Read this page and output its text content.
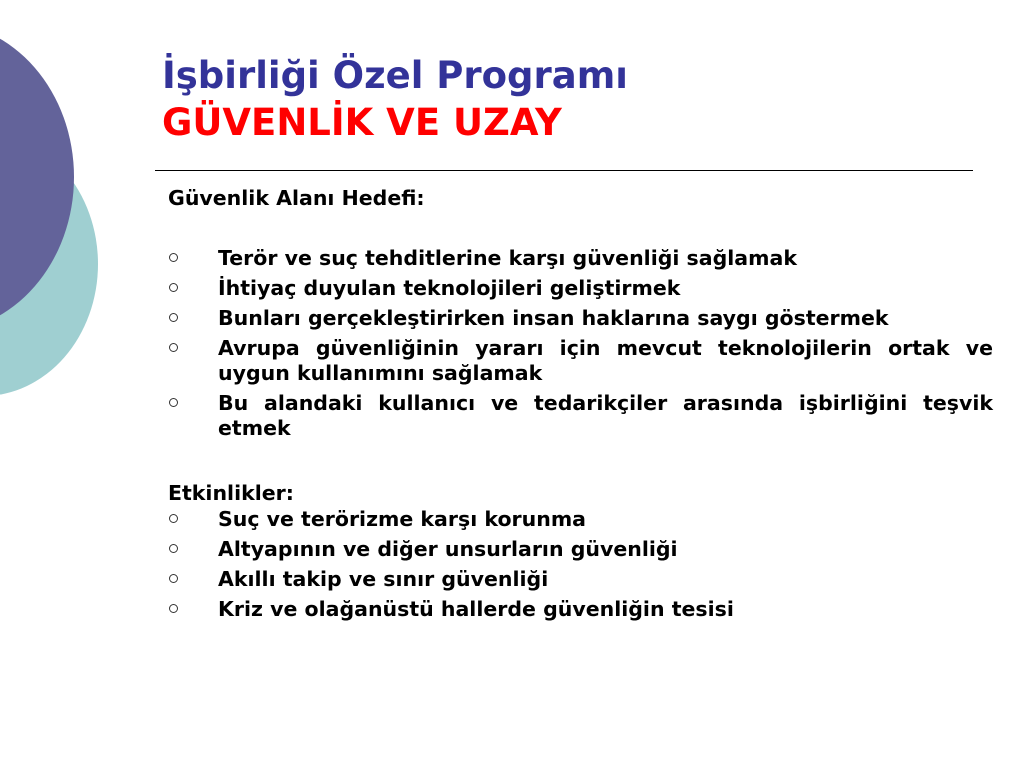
İşbirliği Özel Programı

GÜVENLİK VE UZAY

Güvenlik Alanı Hedefi:

Terör ve suç tehditlerine karşı güvenliği sağlamak
İhtiyaç duyulan teknolojileri geliştirmek
Bunları gerçekleştirirken insan haklarına saygı göstermek
Avrupa güvenliğinin yararı için mevcut teknolojilerin ortak ve uygun kullanımını sağlamak
Bu alandaki kullanıcı ve tedarikçiler arasında işbirliğini teşvik etmek

Etkinlikler:

Suç ve terörizme karşı korunma
Altyapının ve diğer unsurların güvenliği
Akıllı takip ve sınır güvenliği
Kriz ve olağanüstü hallerde güvenliğin tesisi
